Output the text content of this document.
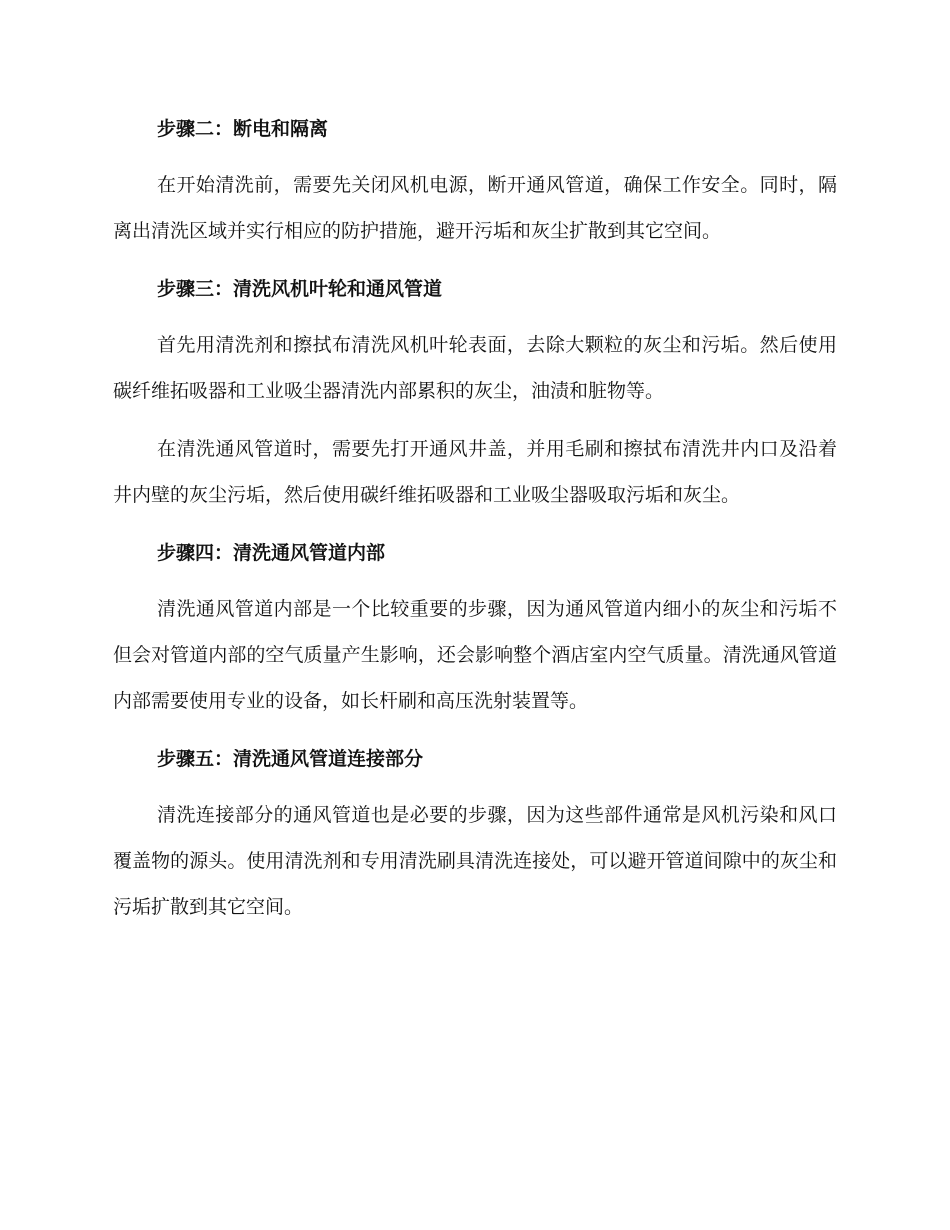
步骤二：断电和隔离

在开始清洗前，需要先关闭风机电源，断开通风管道，确保工作安全。同时，隔离出清洗区域并实行相应的防护措施，避开污垢和灰尘扩散到其它空间。

步骤三：清洗风机叶轮和通风管道

首先用清洗剂和擦拭布清洗风机叶轮表面，去除大颗粒的灰尘和污垢。然后使用碳纤维拓吸器和工业吸尘器清洗内部累积的灰尘，油渍和脏物等。

在清洗通风管道时，需要先打开通风井盖，并用毛刷和擦拭布清洗井内口及沿着井内壁的灰尘污垢，然后使用碳纤维拓吸器和工业吸尘器吸取污垢和灰尘。

步骤四：清洗通风管道内部

清洗通风管道内部是一个比较重要的步骤，因为通风管道内细小的灰尘和污垢不但会对管道内部的空气质量产生影响，还会影响整个酒店室内空气质量。清洗通风管道内部需要使用专业的设备，如长杆刷和高压洗射装置等。

步骤五：清洗通风管道连接部分

清洗连接部分的通风管道也是必要的步骤，因为这些部件通常是风机污染和风口覆盖物的源头。使用清洗剂和专用清洗刷具清洗连接处，可以避开管道间隙中的灰尘和污垢扩散到其它空间。
